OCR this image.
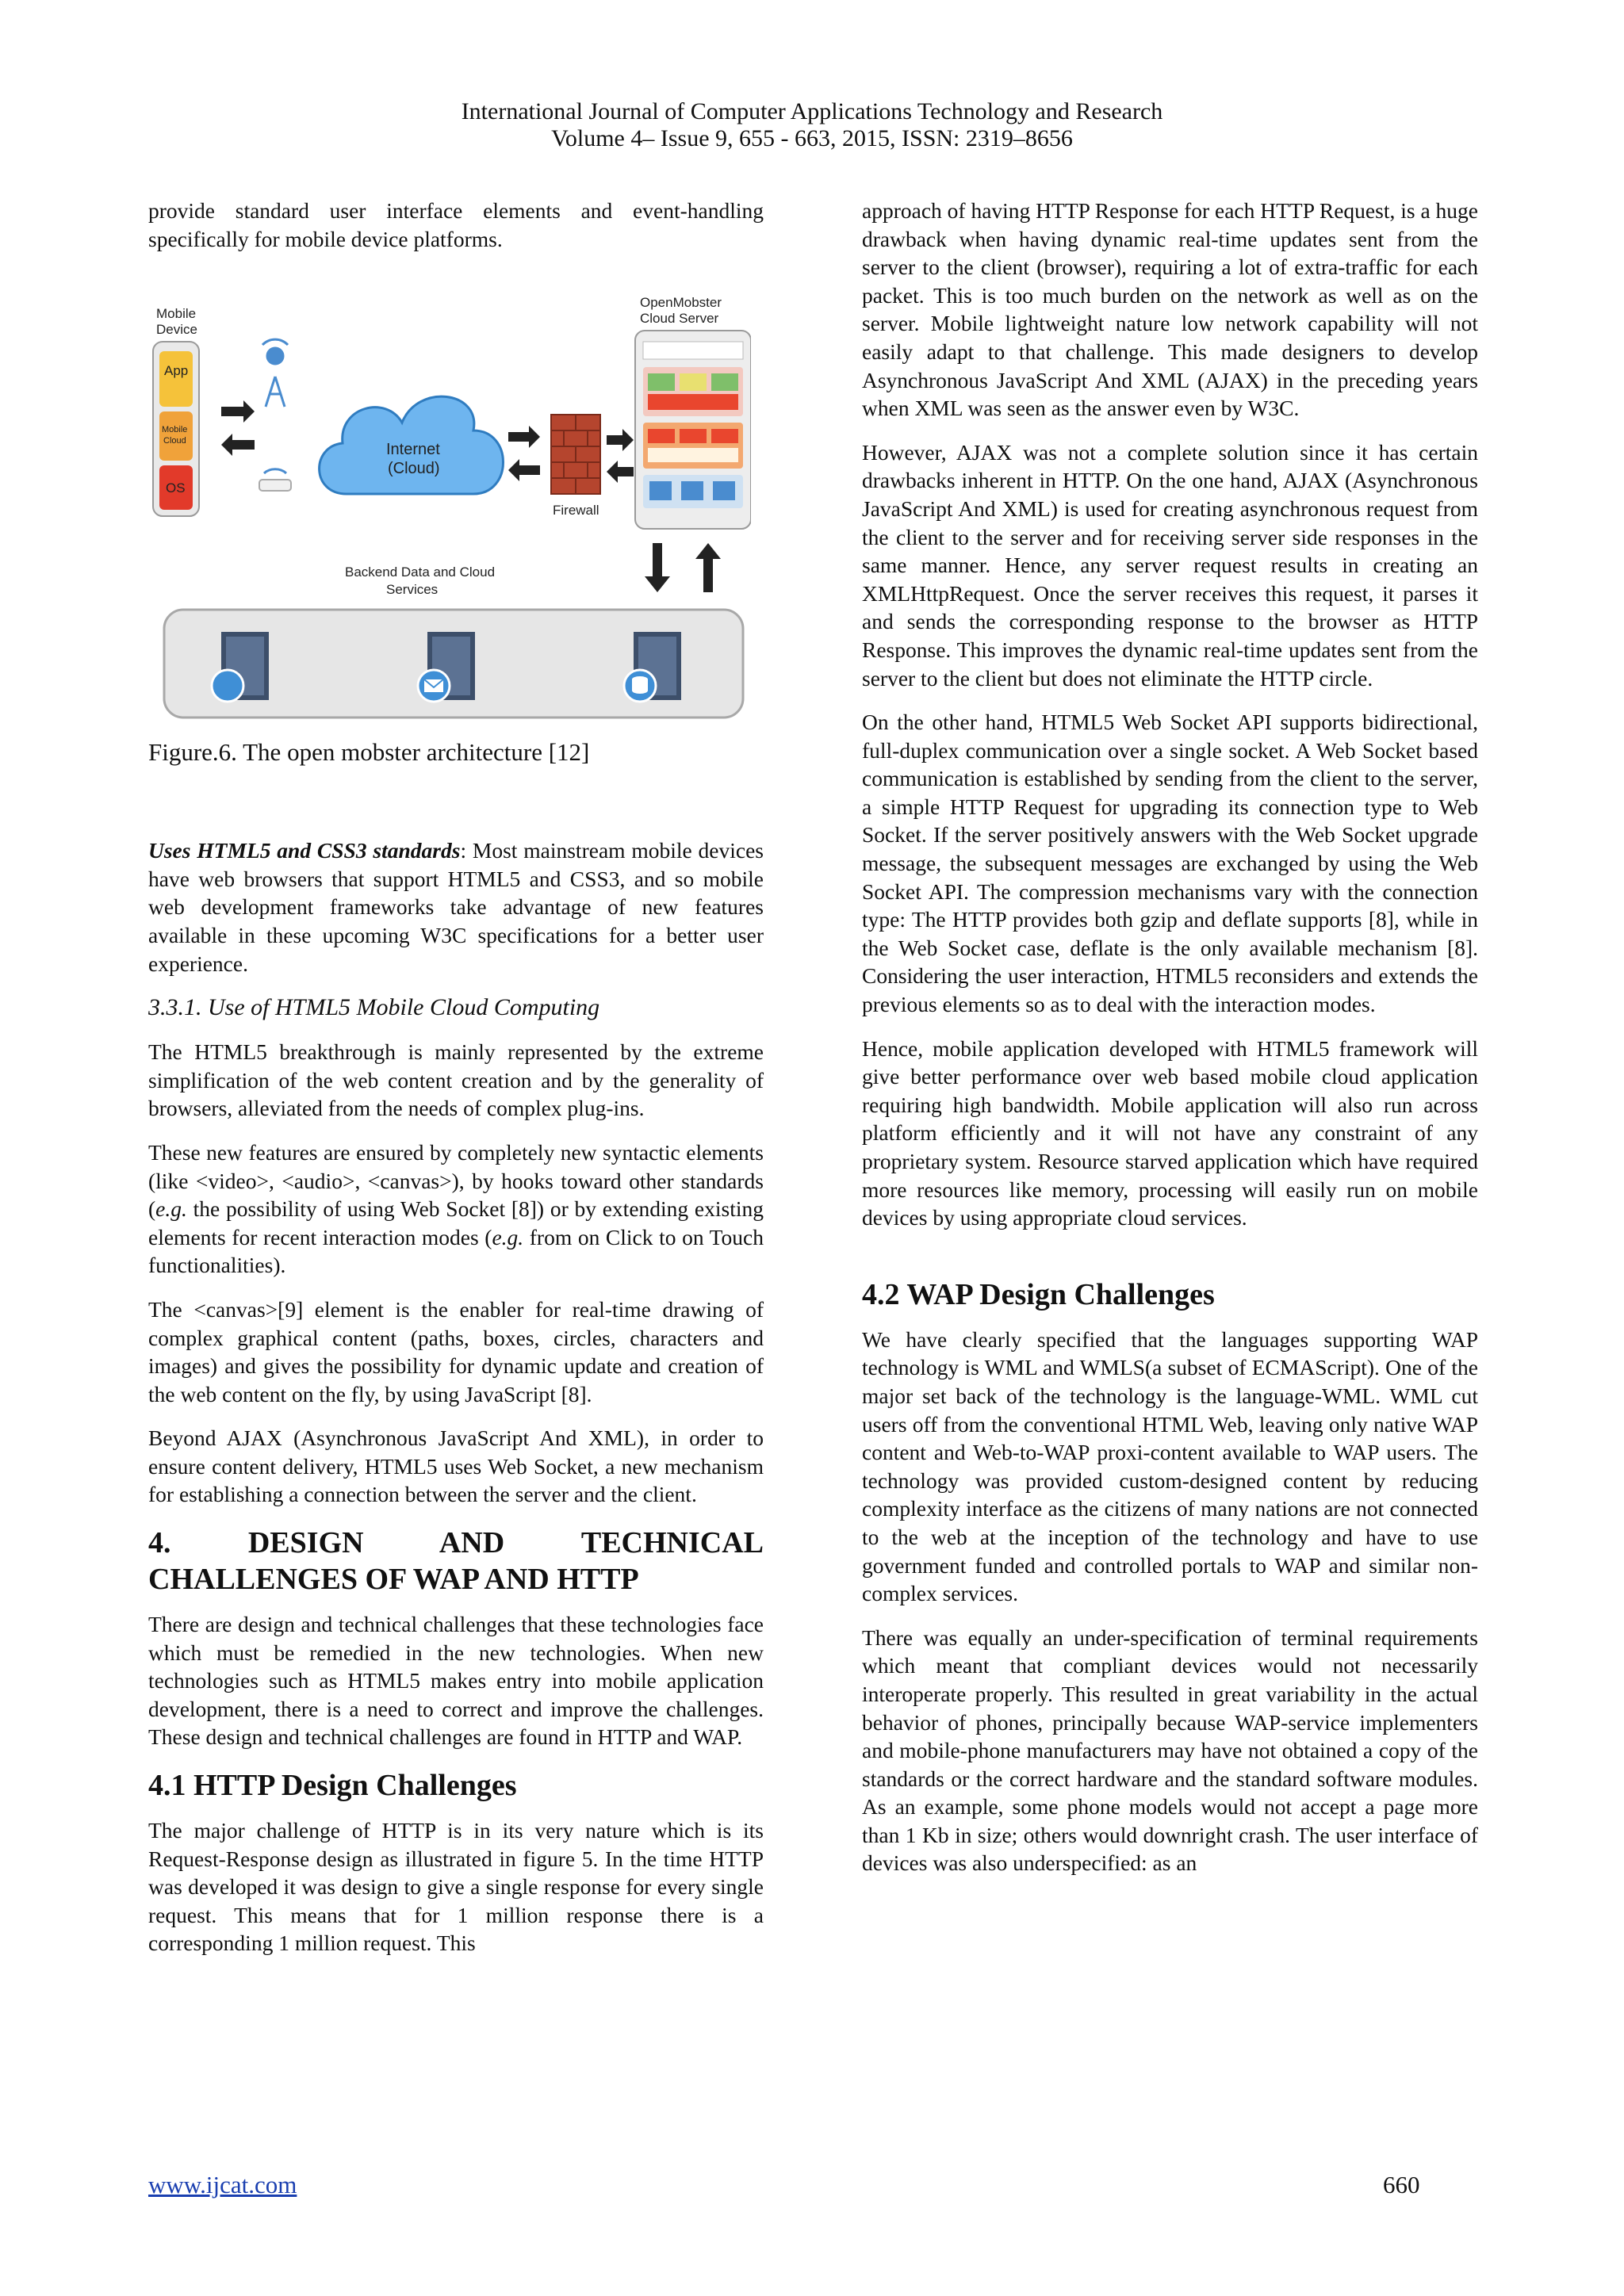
International Journal of Computer Applications Technology and Research
Volume 4– Issue 9, 655 - 663, 2015, ISSN: 2319–8656

provide standard user interface elements and event-handling specifically for mobile device platforms.

Mobile
Device
App
Mobile
Cloud
OS
Internet
(Cloud)
Firewall
OpenMobster
Cloud Server
Backend Data and Cloud
Services
Figure.6. The open mobster architecture [12]

Uses HTML5 and CSS3 standards: Most mainstream mobile devices have web browsers that support HTML5 and CSS3, and so mobile web development frameworks take advantage of new features available in these upcoming W3C specifications for a better user experience.

3.3.1. Use of HTML5 Mobile Cloud Computing

The HTML5 breakthrough is mainly represented by the extreme simplification of the web content creation and by the generality of browsers, alleviated from the needs of complex plug-ins.

These new features are ensured by completely new syntactic elements (like <video>, <audio>, <canvas>), by hooks toward other standards (e.g. the possibility of using Web Socket [8]) or by extending existing elements for recent interaction modes (e.g. from on Click to on Touch functionalities).

The <canvas>[9] element is the enabler for real-time drawing of complex graphical content (paths, boxes, circles, characters and images) and gives the possibility for dynamic update and creation of the web content on the fly, by using JavaScript [8].

Beyond AJAX (Asynchronous JavaScript And XML), in order to ensure content delivery, HTML5 uses Web Socket, a new mechanism for establishing a connection between the server and the client.

4. DESIGN AND TECHNICAL
CHALLENGES OF WAP AND HTTP

There are design and technical challenges that these technologies face which must be remedied in the new technologies. When new technologies such as HTML5 makes entry into mobile application development, there is a need to correct and improve the challenges. These design and technical challenges are found in HTTP and WAP.

4.1 HTTP Design Challenges

The major challenge of HTTP is in its very nature which is its Request-Response design as illustrated in figure 5. In the time HTTP was developed it was design to give a single response for every single request. This means that for 1 million response there is a corresponding 1 million request. This

approach of having HTTP Response for each HTTP Request, is a huge drawback when having dynamic real-time updates sent from the server to the client (browser), requiring a lot of extra-traffic for each packet. This is too much burden on the network as well as on the server. Mobile lightweight nature low network capability will not easily adapt to that challenge. This made designers to develop Asynchronous JavaScript And XML (AJAX) in the preceding years when XML was seen as the answer even by W3C.

However, AJAX was not a complete solution since it has certain drawbacks inherent in HTTP. On the one hand, AJAX (Asynchronous JavaScript And XML) is used for creating asynchronous request from the client to the server and for receiving server side responses in the same manner. Hence, any server request results in creating an XMLHttpRequest. Once the server receives this request, it parses it and sends the corresponding response to the browser as HTTP Response. This improves the dynamic real-time updates sent from the server to the client but does not eliminate the HTTP circle.

On the other hand, HTML5 Web Socket API supports bidirectional, full-duplex communication over a single socket. A Web Socket based communication is established by sending from the client to the server, a simple HTTP Request for upgrading its connection type to Web Socket. If the server positively answers with the Web Socket upgrade message, the subsequent messages are exchanged by using the Web Socket API. The compression mechanisms vary with the connection type: The HTTP provides both gzip and deflate supports [8], while in the Web Socket case, deflate is the only available mechanism [8]. Considering the user interaction, HTML5 reconsiders and extends the previous elements so as to deal with the interaction modes.

Hence, mobile application developed with HTML5 framework will give better performance over web based mobile cloud application requiring high bandwidth. Mobile application will also run across platform efficiently and it will not have any constraint of any proprietary system. Resource starved application which have required more resources like memory, processing will easily run on mobile devices by using appropriate cloud services.

4.2 WAP Design Challenges

We have clearly specified that the languages supporting WAP technology is WML and WMLS(a subset of ECMAScript). One of the major set back of the technology is the language-WML. WML cut users off from the conventional HTML Web, leaving only native WAP content and Web-to-WAP proxi-content available to WAP users. The technology was provided custom-designed content by reducing complexity interface as the citizens of many nations are not connected to the web at the inception of the technology and have to use government funded and controlled portals to WAP and similar non-complex services.

There was equally an under-specification of terminal requirements which meant that compliant devices would not necessarily interoperate properly. This resulted in great variability in the actual behavior of phones, principally because WAP-service implementers and mobile-phone manufacturers may have not obtained a copy of the standards or the correct hardware and the standard software modules. As an example, some phone models would not accept a page more than 1 Kb in size; others would downright crash. The user interface of devices was also underspecified: as an

www.ijcat.com	660
